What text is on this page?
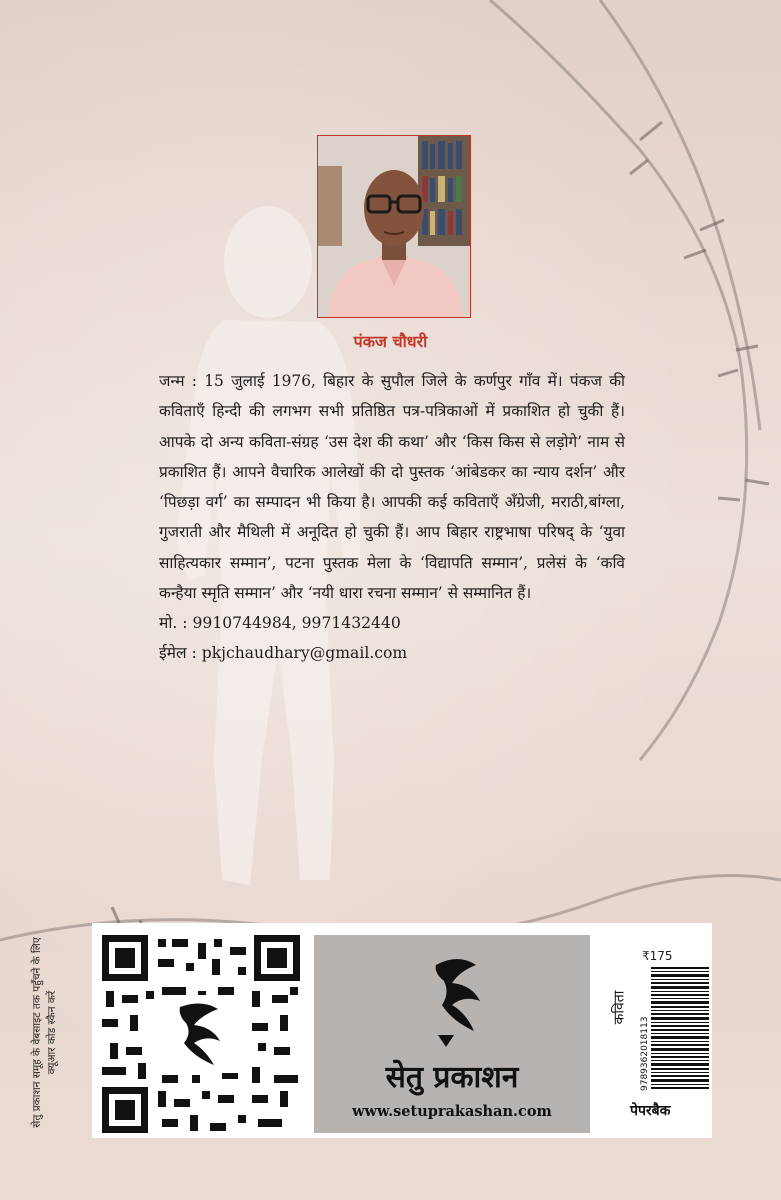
पंकज चौधरी

जन्म : 15 जुलाई 1976, बिहार के सुपौल जिले के कर्णपुर गाँव में। पंकज की कविताएँ हिन्दी की लगभग सभी प्रतिष्ठित पत्र-पत्रिकाओं में प्रकाशित हो चुकी हैं। आपके दो अन्य कविता-संग्रह ‘उस देश की कथा’ और ‘किस किस से लड़ोगे’ नाम से प्रकाशित हैं। आपने वैचारिक आलेखों की दो पुस्तक ‘आंबेडकर का न्याय दर्शन’ और ‘पिछड़ा वर्ग’ का सम्पादन भी किया है। आपकी कई कविताएँ अँग्रेजी, मराठी,बांग्ला, गुजराती और मैथिली में अनूदित हो चुकी हैं। आप बिहार राष्ट्रभाषा परिषद् के ‘युवा साहित्यकार सम्मान’, पटना पुस्तक मेला के ‘विद्यापति सम्मान’, प्रलेसं के ‘कवि कन्हैया स्मृति सम्मान’ और ‘नयी धारा रचना सम्मान’ से सम्मानित हैं।

मो. : 9910744984, 9971432440

ईमेल : pkjchaudhary@gmail.com

सेतु प्रकाशन समूह के वेबसाइट तक पहुँचने के लिए क्यूआर कोड स्कैन करें
सेतु प्रकाशन
www.setuprakashan.com
₹175
कविता
9789362018113
पेपरबैक
